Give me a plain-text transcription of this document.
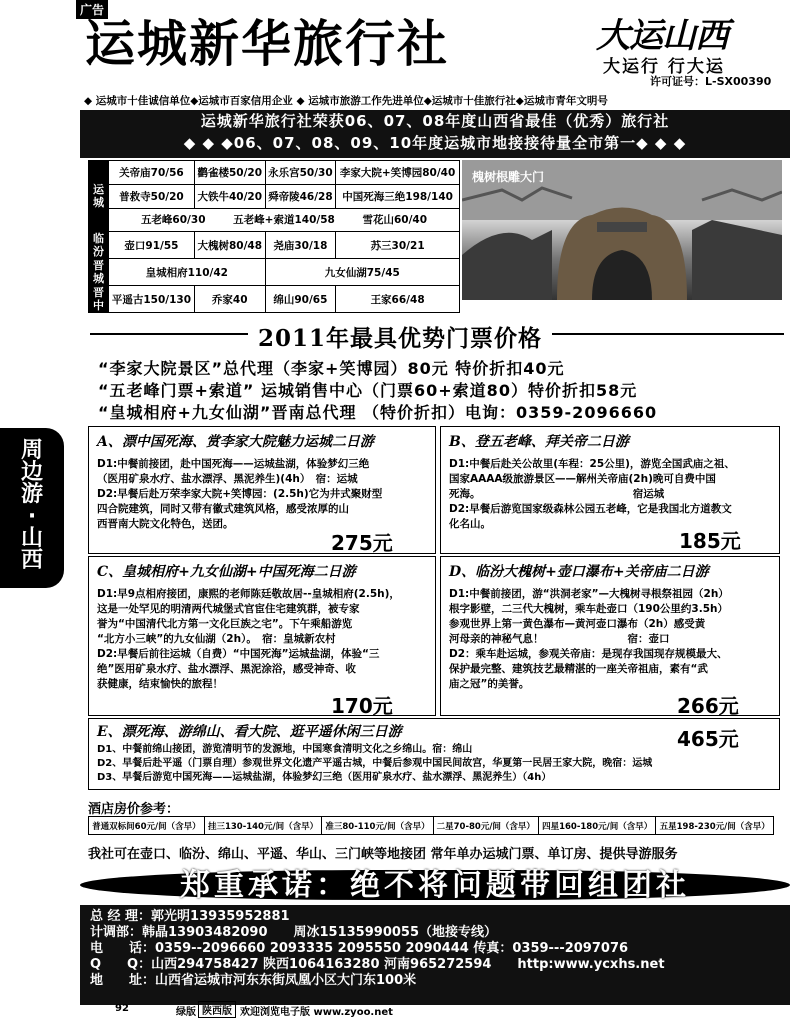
广告
运城新华旅行社	大运山西
大运行 行大运
许可证号：L-SX00390
◆ 运城市十佳诚信单位◆运城市百家信用企业 ◆ 运城市旅游工作先进单位◆运城市十佳旅行社◆运城市青年文明号
运城新华旅行社荣获06、07、08年度山西省最佳（优秀）旅行社
◆ ◆ ◆06、07、08、09、10年度运城市地接接待量全市第一◆ ◆ ◆
运
城	关帝庙70/56	鹳雀楼50/20	永乐宫50/30	李家大院+笑博园80/40
	普救寺50/20	大铁牛40/20	舜帝陵46/28	中国死海三绝198/140
	五老峰60/30 五老峰+索道140/58 雪花山60/40			
临汾	壶口91/55	大槐树80/48	尧庙30/18	苏三30/21
晋城	皇城相府110/42		九女仙湖75/45	
晋中	平遥古150/130	乔家40	绵山90/65	王家66/48
槐树根雕大门
2011年最具优势门票价格
“李家大院景区”总代理（李家+笑博园）80元 特价折扣40元
“五老峰门票+索道” 运城销售中心（门票60+索道80）特价折扣58元
“皇城相府+九女仙湖”晋南总代理 （特价折扣）电询：0359-2096660
周边游·山西
A、漂中国死海、赏李家大院魅力运城二日游
D1:中餐前接团，赴中国死海——运城盐湖，体验梦幻三绝
（医用矿泉水疗、盐水漂浮、黑泥养生)(4h）　宿：运城
D2:早餐后赴万荣李家大院+笑博园：(2.5h)它为井式聚财型
四合院建筑，同时又带有徽式建筑风格，感受浓厚的山
西晋南大院文化特色，送团。
275元
B、登五老峰、拜关帝二日游
D1:中餐后赴关公故里(车程：25公里)，游览全国武庙之祖、
国家AAAA级旅游景区——解州关帝庙(2h)晚可自费中国
死海。　　　　　　　　　　　　　　　宿运城
D2:早餐后游览国家级森林公园五老峰，它是我国北方道教文
化名山。
185元
C、皇城相府+九女仙湖+中国死海二日游
D1:早9点相府接团，康熙的老师陈廷敬故居--皇城相府(2.5h)，
这是一处罕见的明清两代城堡式官宦住宅建筑群，被专家
誉为“中国清代北方第一文化巨族之宅”。下午乘船游览
“北方小三峡”的九女仙湖（2h）。　宿：皇城新农村
D2:早餐后前往运城（自费）“中国死海”运城盐湖，体验“三
绝”医用矿泉水疗、盐水漂浮、黑泥涂浴，感受神奇、收
获健康，结束愉快的旅程！
170元
D、临汾大槐树+壶口瀑布+关帝庙二日游
D1:中餐前接团，游“洪洞老家”—大槐树寻根祭祖园（2h）
根字影壁，二三代大槐树，乘车赴壶口（190公里约3.5h）
参观世界上第一黄色瀑布—黄河壶口瀑布（2h）感受黄
河母亲的神秘气息！　　　　　　　　宿：壶口
D2：乘车赴运城，参观关帝庙：是现存我国现存规模最大、
保护最完整、建筑技艺最精湛的一座关帝祖庙，素有“武
庙之冠”的美誉。
266元
E、漂死海、游绵山、看大院、逛平遥休闲三日游
D1、中餐前绵山接团，游览清明节的发源地，中国寒食清明文化之乡绵山。宿：绵山
D2、早餐后赴平遥（门票自理）参观世界文化遗产平遥古城，中餐后参观中国民间故宫，华夏第一民居王家大院，晚宿：运城
D3、早餐后游览中国死海——运城盐湖，体验梦幻三绝（医用矿泉水疗、盐水漂浮、黑泥养生）（4h）
465元
酒店房价参考：
普通双标间60元/间（含早）	挂三130-140元/间（含早）	准三80-110元/间（含早）	二星70-80元/间（含早）	四星160-180元/间（含早）	五星198-230元/间（含早）
我社可在壶口、临汾、绵山、平遥、华山、三门峡等地接团 常年单办运城门票、单订房、提供导游服务
郑重承诺：绝不将问题带回组团社
总 经 理：郭光明13935952881
计调部：韩晶13903482090　　周冰15135990055（地接专线）
电　　话：0359--2096660 2093335 2095550 2090444 传真：0359---2097076
Q　　Q：山西294758427 陕西1064163280 河南965272594　　http:www.ycxhs.net
地　　址：山西省运城市河东东街凤凰小区大门东100米
92	绿版 陕西版 欢迎浏览电子版 www.zyoo.net
